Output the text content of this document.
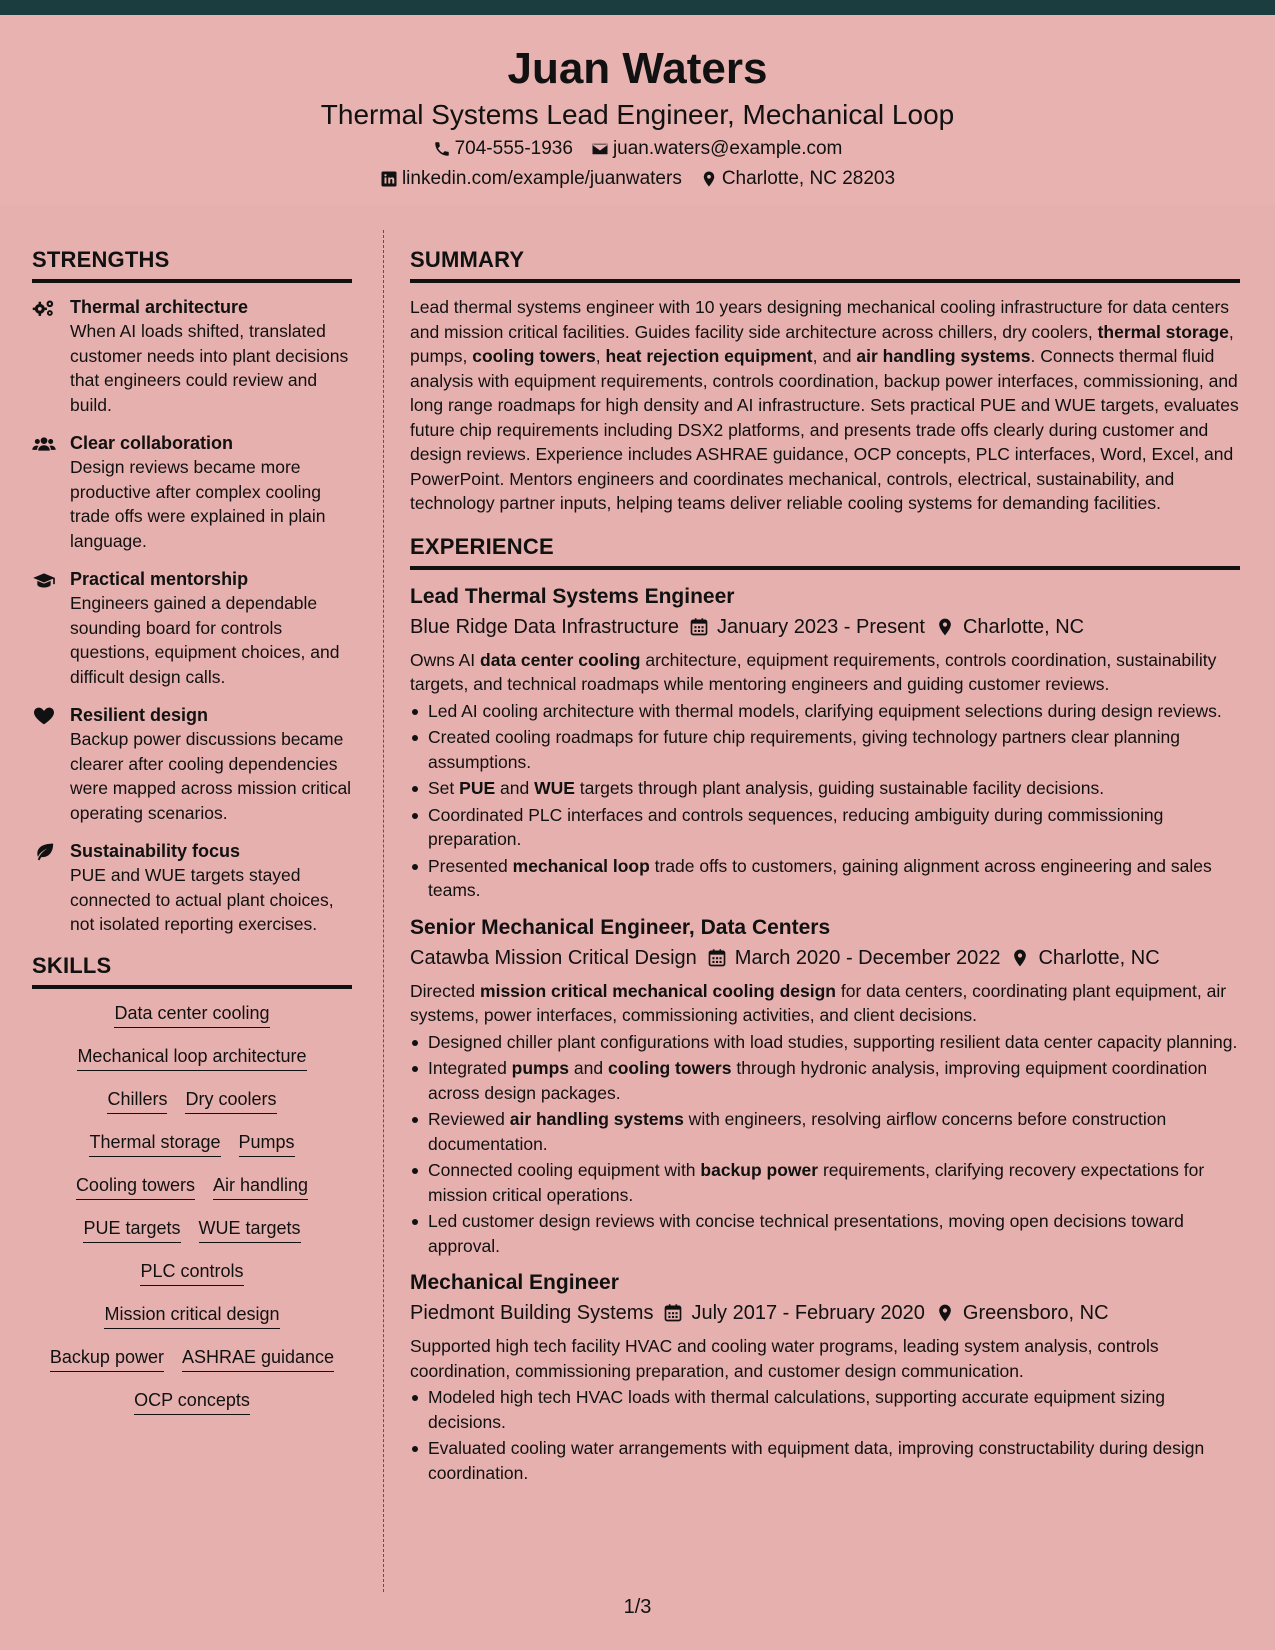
Juan Waters
Thermal Systems Lead Engineer, Mechanical Loop
704-555-1936 juan.waters@example.com
linkedin.com/example/juanwaters Charlotte, NC 28203
STRENGTHS
Thermal architecture
When AI loads shifted, translated customer needs into plant decisions that engineers could review and build.
Clear collaboration
Design reviews became more productive after complex cooling trade offs were explained in plain language.
Practical mentorship
Engineers gained a dependable sounding board for controls questions, equipment choices, and difficult design calls.
Resilient design
Backup power discussions became clearer after cooling dependencies were mapped across mission critical operating scenarios.
Sustainability focus
PUE and WUE targets stayed connected to actual plant choices, not isolated reporting exercises.
SKILLS
Data center cooling
Mechanical loop architecture
Chillers Dry coolers
Thermal storage Pumps
Cooling towers Air handling
PUE targets WUE targets
PLC controls
Mission critical design
Backup power ASHRAE guidance
OCP concepts
SUMMARY
Lead thermal systems engineer with 10 years designing mechanical cooling infrastructure for data centers and mission critical facilities. Guides facility side architecture across chillers, dry coolers, thermal storage, pumps, cooling towers, heat rejection equipment, and air handling systems. Connects thermal fluid analysis with equipment requirements, controls coordination, backup power interfaces, commissioning, and long range roadmaps for high density and AI infrastructure. Sets practical PUE and WUE targets, evaluates future chip requirements including DSX2 platforms, and presents trade offs clearly during customer and design reviews. Experience includes ASHRAE guidance, OCP concepts, PLC interfaces, Word, Excel, and PowerPoint. Mentors engineers and coordinates mechanical, controls, electrical, sustainability, and technology partner inputs, helping teams deliver reliable cooling systems for demanding facilities.
EXPERIENCE
Lead Thermal Systems Engineer
Blue Ridge Data Infrastructure January 2023 - Present Charlotte, NC
Owns AI data center cooling architecture, equipment requirements, controls coordination, sustainability targets, and technical roadmaps while mentoring engineers and guiding customer reviews.
Led AI cooling architecture with thermal models, clarifying equipment selections during design reviews.
Created cooling roadmaps for future chip requirements, giving technology partners clear planning assumptions.
Set PUE and WUE targets through plant analysis, guiding sustainable facility decisions.
Coordinated PLC interfaces and controls sequences, reducing ambiguity during commissioning preparation.
Presented mechanical loop trade offs to customers, gaining alignment across engineering and sales teams.
Senior Mechanical Engineer, Data Centers
Catawba Mission Critical Design March 2020 - December 2022 Charlotte, NC
Directed mission critical mechanical cooling design for data centers, coordinating plant equipment, air systems, power interfaces, commissioning activities, and client decisions.
Designed chiller plant configurations with load studies, supporting resilient data center capacity planning.
Integrated pumps and cooling towers through hydronic analysis, improving equipment coordination across design packages.
Reviewed air handling systems with engineers, resolving airflow concerns before construction documentation.
Connected cooling equipment with backup power requirements, clarifying recovery expectations for mission critical operations.
Led customer design reviews with concise technical presentations, moving open decisions toward approval.
Mechanical Engineer
Piedmont Building Systems July 2017 - February 2020 Greensboro, NC
Supported high tech facility HVAC and cooling water programs, leading system analysis, controls coordination, commissioning preparation, and customer design communication.
Modeled high tech HVAC loads with thermal calculations, supporting accurate equipment sizing decisions.
Evaluated cooling water arrangements with equipment data, improving constructability during design coordination.
1/3
